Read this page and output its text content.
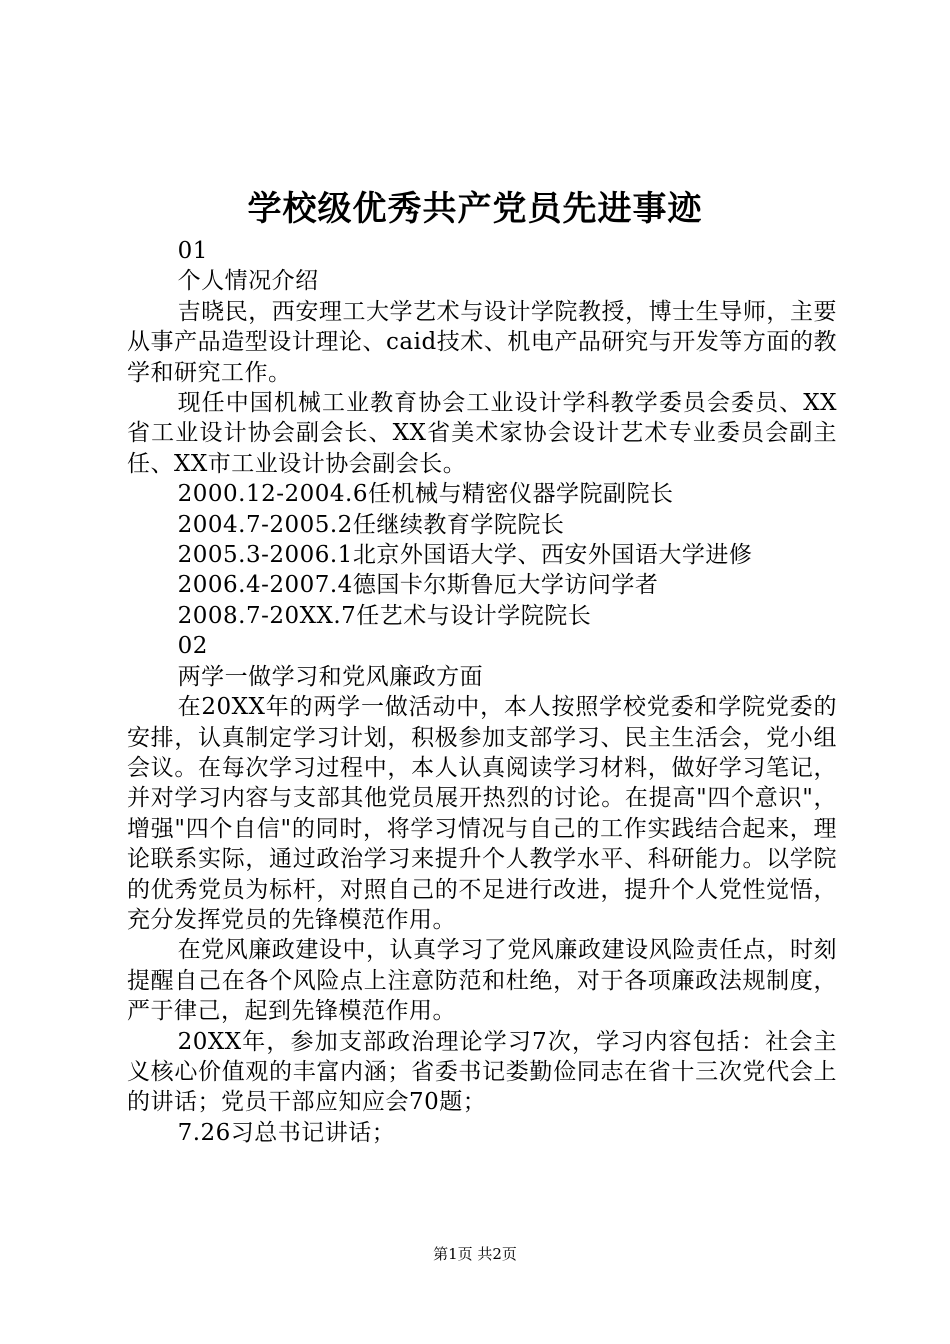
学校级优秀共产党员先进事迹

01

个人情况介绍

吉晓民，西安理工大学艺术与设计学院教授，博士生导师，主要从事产品造型设计理论、caid技术、机电产品研究与开发等方面的教学和研究工作。

现任中国机械工业教育协会工业设计学科教学委员会委员、XX省工业设计协会副会长、XX省美术家协会设计艺术专业委员会副主任、XX市工业设计协会副会长。

2000.12-2004.6任机械与精密仪器学院副院长

2004.7-2005.2任继续教育学院院长

2005.3-2006.1北京外国语大学、西安外国语大学进修

2006.4-2007.4德国卡尔斯鲁厄大学访问学者

2008.7-20XX.7任艺术与设计学院院长

02

两学一做学习和党风廉政方面

在20XX年的两学一做活动中，本人按照学校党委和学院党委的安排，认真制定学习计划，积极参加支部学习、民主生活会，党小组会议。在每次学习过程中，本人认真阅读学习材料，做好学习笔记，并对学习内容与支部其他党员展开热烈的讨论。在提高"四个意识"，增强"四个自信"的同时，将学习情况与自己的工作实践结合起来，理论联系实际，通过政治学习来提升个人教学水平、科研能力。以学院的优秀党员为标杆，对照自己的不足进行改进，提升个人党性觉悟，充分发挥党员的先锋模范作用。

在党风廉政建设中，认真学习了党风廉政建设风险责任点，时刻提醒自己在各个风险点上注意防范和杜绝，对于各项廉政法规制度，严于律己，起到先锋模范作用。

20XX年，参加支部政治理论学习7次，学习内容包括：社会主义核心价值观的丰富内涵；省委书记娄勤俭同志在省十三次党代会上的讲话；党员干部应知应会70题；

7.26习总书记讲话；

第1页 共2页
